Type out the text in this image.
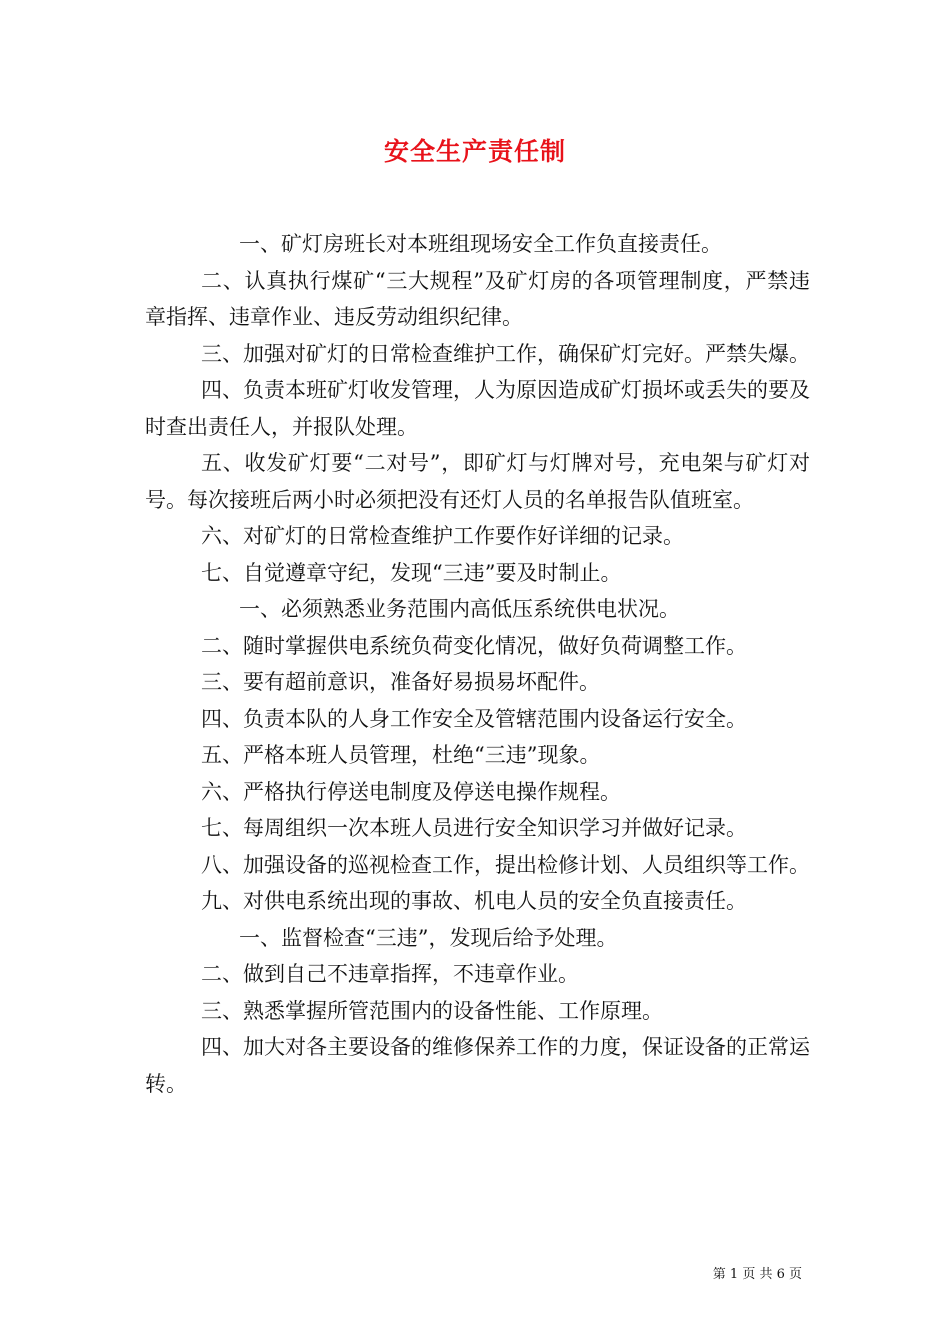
安全生产责任制

一、矿灯房班长对本班组现场安全工作负直接责任。

二、认真执行煤矿“三大规程”及矿灯房的各项管理制度，严禁违章指挥、违章作业、违反劳动组织纪律。

三、加强对矿灯的日常检查维护工作，确保矿灯完好。严禁失爆。

四、负责本班矿灯收发管理，人为原因造成矿灯损坏或丢失的要及时查出责任人，并报队处理。

五、收发矿灯要“二对号”，即矿灯与灯牌对号，充电架与矿灯对号。每次接班后两小时必须把没有还灯人员的名单报告队值班室。

六、对矿灯的日常检查维护工作要作好详细的记录。

七、自觉遵章守纪，发现“三违”要及时制止。

一、必须熟悉业务范围内高低压系统供电状况。

二、随时掌握供电系统负荷变化情况，做好负荷调整工作。

三、要有超前意识，准备好易损易坏配件。

四、负责本队的人身工作安全及管辖范围内设备运行安全。

五、严格本班人员管理，杜绝“三违”现象。

六、严格执行停送电制度及停送电操作规程。

七、每周组织一次本班人员进行安全知识学习并做好记录。

八、加强设备的巡视检查工作，提出检修计划、人员组织等工作。

九、对供电系统出现的事故、机电人员的安全负直接责任。

一、监督检查“三违”，发现后给予处理。

二、做到自己不违章指挥，不违章作业。

三、熟悉掌握所管范围内的设备性能、工作原理。

四、加大对各主要设备的维修保养工作的力度，保证设备的正常运转。

第 1 页 共 6 页
